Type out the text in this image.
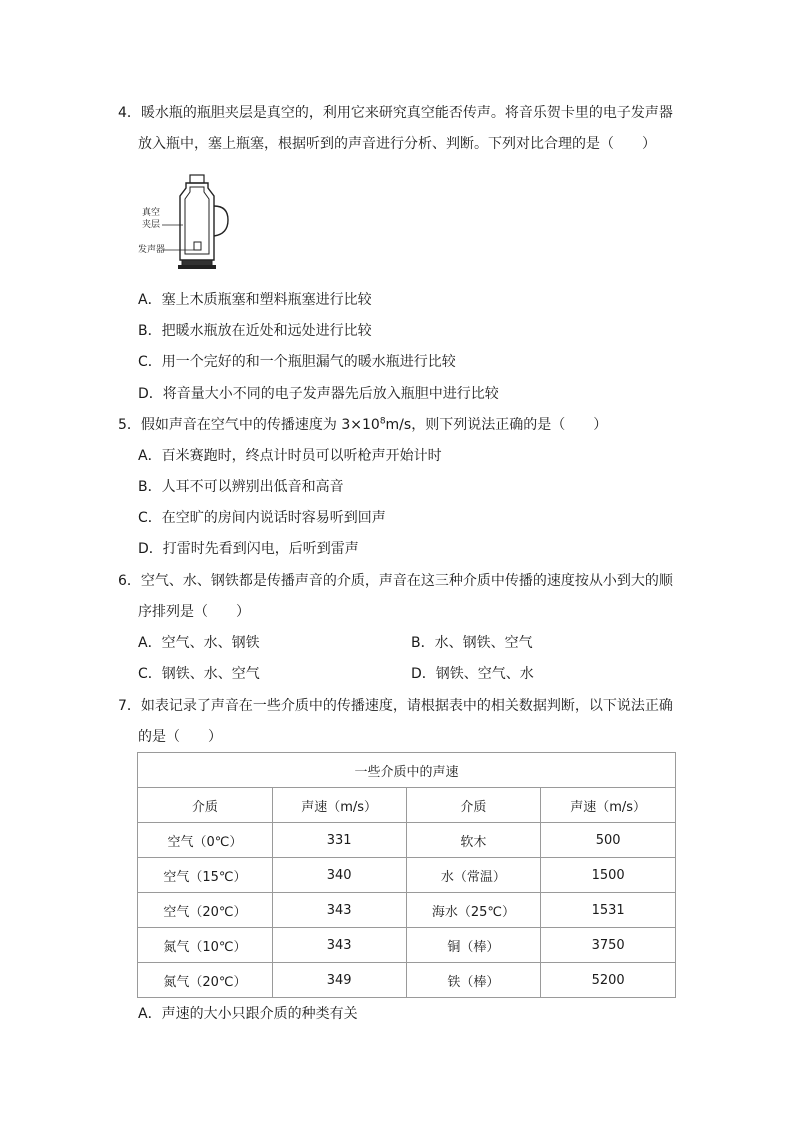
4．暖水瓶的瓶胆夹层是真空的，利用它来研究真空能否传声。将音乐贺卡里的电子发声器
放入瓶中，塞上瓶塞，根据听到的声音进行分析、判断。下列对比合理的是（　　）
真空
夹层
发声器
A．塞上木质瓶塞和塑料瓶塞进行比较
B．把暖水瓶放在近处和远处进行比较
C．用一个完好的和一个瓶胆漏气的暖水瓶进行比较
D．将音量大小不同的电子发声器先后放入瓶胆中进行比较
5．假如声音在空气中的传播速度为 $3\times 10^8m/s$，则下列说法正确的是（　　）
A．百米赛跑时，终点计时员可以听枪声开始计时
B．人耳不可以辨别出低音和高音
C．在空旷的房间内说话时容易听到回声
D．打雷时先看到闪电，后听到雷声
6．空气、水、钢铁都是传播声音的介质，声音在这三种介质中传播的速度按从小到大的顺
序排列是（　　）
A．空气、水、钢铁	B．水、钢铁、空气
C．钢铁、水、空气	D．钢铁、空气、水
7．如表记录了声音在一些介质中的传播速度，请根据表中的相关数据判断，以下说法正确
的是（　　）
一些介质中的声速			
介质	声速（m/s）	介质	声速（m/s）
空气（0℃）	331	软木	500
空气（15℃）	340	水（常温）	1500
空气（20℃）	343	海水（25℃）	1531
氮气（10℃）	343	铜（棒）	3750
氮气（20℃）	349	铁（棒）	5200
A．声速的大小只跟介质的种类有关
